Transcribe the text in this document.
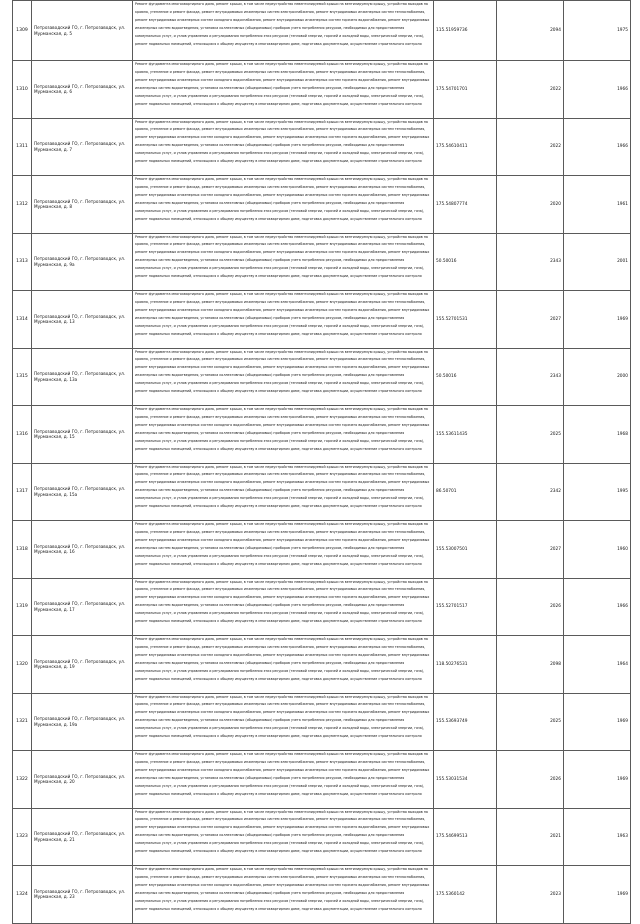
1309	Петрозаводский ГО, г. Петрозаводск, ул. Мурманская, д. 5	Ремонт фундамента многоквартирного дома, ремонт крыши, в том числе переустройство невентилируемой крыши на вентилируемую крышу, устройство выходов на кровлю, утепление и ремонт фасада, ремонт внутридомовых инженерных систем электроснабжения, ремонт внутридомовых инженерных систем теплоснабжения, ремонт внутридомовых инженерных систем холодного водоснабжения, ремонт внутридомовых инженерных систем горячего водоснабжения, ремонт внутридомовых инженерных систем водоотведения, установка коллективных (общедомовых) приборов учета потребления ресурсов, необходимых для предоставления коммунальных услуг, и узлов управления и регулирования потребления этих ресурсов (тепловой энергии, горячей и холодной воды, электрической энергии, газа), ремонт подвальных помещений, относящихся к общему имуществу в многоквартирном доме, подготовка документации, осуществление строительного контроля	115.51959736	2094	1975
1310	Петрозаводский ГО, г. Петрозаводск, ул. Мурманская, д. 6	Ремонт фундамента многоквартирного дома, ремонт крыши, в том числе переустройство невентилируемой крыши на вентилируемую крышу, устройство выходов на кровлю, утепление и ремонт фасада, ремонт внутридомовых инженерных систем электроснабжения, ремонт внутридомовых инженерных систем теплоснабжения, ремонт внутридомовых инженерных систем холодного водоснабжения, ремонт внутридомовых инженерных систем горячего водоснабжения, ремонт внутридомовых инженерных систем водоотведения, установка коллективных (общедомовых) приборов учета потребления ресурсов, необходимых для предоставления коммунальных услуг, и узлов управления и регулирования потребления этих ресурсов (тепловой энергии, горячей и холодной воды, электрической энергии, газа), ремонт подвальных помещений, относящихся к общему имуществу в многоквартирном доме, подготовка документации, осуществление строительного контроля	175.54701701	2022	1966
1311	Петрозаводский ГО, г. Петрозаводск, ул. Мурманская, д. 7	Ремонт фундамента многоквартирного дома, ремонт крыши, в том числе переустройство невентилируемой крыши на вентилируемую крышу, устройство выходов на кровлю, утепление и ремонт фасада, ремонт внутридомовых инженерных систем электроснабжения, ремонт внутридомовых инженерных систем теплоснабжения, ремонт внутридомовых инженерных систем холодного водоснабжения, ремонт внутридомовых инженерных систем горячего водоснабжения, ремонт внутридомовых инженерных систем водоотведения, установка коллективных (общедомовых) приборов учета потребления ресурсов, необходимых для предоставления коммунальных услуг, и узлов управления и регулирования потребления этих ресурсов (тепловой энергии, горячей и холодной воды, электрической энергии, газа), ремонт подвальных помещений, относящихся к общему имуществу в многоквартирном доме, подготовка документации, осуществление строительного контроля	175.54610411	2022	1966
1312	Петрозаводский ГО, г. Петрозаводск, ул. Мурманская, д. 8	Ремонт фундамента многоквартирного дома, ремонт крыши, в том числе переустройство невентилируемой крыши на вентилируемую крышу, устройство выходов на кровлю, утепление и ремонт фасада, ремонт внутридомовых инженерных систем электроснабжения, ремонт внутридомовых инженерных систем теплоснабжения, ремонт внутридомовых инженерных систем холодного водоснабжения, ремонт внутридомовых инженерных систем горячего водоснабжения, ремонт внутридомовых инженерных систем водоотведения, установка коллективных (общедомовых) приборов учета потребления ресурсов, необходимых для предоставления коммунальных услуг, и узлов управления и регулирования потребления этих ресурсов (тепловой энергии, горячей и холодной воды, электрической энергии, газа), ремонт подвальных помещений, относящихся к общему имуществу в многоквартирном доме, подготовка документации, осуществление строительного контроля	175.54807774	2020	1961
1313	Петрозаводский ГО, г. Петрозаводск, ул. Мурманская, д. 9а	Ремонт фундамента многоквартирного дома, ремонт крыши, в том числе переустройство невентилируемой крыши на вентилируемую крышу, устройство выходов на кровлю, утепление и ремонт фасада, ремонт внутридомовых инженерных систем электроснабжения, ремонт внутридомовых инженерных систем теплоснабжения, ремонт внутридомовых инженерных систем холодного водоснабжения, ремонт внутридомовых инженерных систем горячего водоснабжения, ремонт внутридомовых инженерных систем водоотведения, установка коллективных (общедомовых) приборов учета потребления ресурсов, необходимых для предоставления коммунальных услуг, и узлов управления и регулирования потребления этих ресурсов (тепловой энергии, горячей и холодной воды, электрической энергии, газа), ремонт подвальных помещений, относящихся к общему имуществу в многоквартирном доме, подготовка документации, осуществление строительного контроля	50.50016	2343	2001
1314	Петрозаводский ГО, г. Петрозаводск, ул. Мурманская, д. 13	Ремонт фундамента многоквартирного дома, ремонт крыши, в том числе переустройство невентилируемой крыши на вентилируемую крышу, устройство выходов на кровлю, утепление и ремонт фасада, ремонт внутридомовых инженерных систем электроснабжения, ремонт внутридомовых инженерных систем теплоснабжения, ремонт внутридомовых инженерных систем холодного водоснабжения, ремонт внутридомовых инженерных систем горячего водоснабжения, ремонт внутридомовых инженерных систем водоотведения, установка коллективных (общедомовых) приборов учета потребления ресурсов, необходимых для предоставления коммунальных услуг, и узлов управления и регулирования потребления этих ресурсов (тепловой энергии, горячей и холодной воды, электрической энергии, газа), ремонт подвальных помещений, относящихся к общему имуществу в многоквартирном доме, подготовка документации, осуществление строительного контроля	155.52701531	2027	1969
1315	Петрозаводский ГО, г. Петрозаводск, ул. Мурманская, д. 13а	Ремонт фундамента многоквартирного дома, ремонт крыши, в том числе переустройство невентилируемой крыши на вентилируемую крышу, устройство выходов на кровлю, утепление и ремонт фасада, ремонт внутридомовых инженерных систем электроснабжения, ремонт внутридомовых инженерных систем теплоснабжения, ремонт внутридомовых инженерных систем холодного водоснабжения, ремонт внутридомовых инженерных систем горячего водоснабжения, ремонт внутридомовых инженерных систем водоотведения, установка коллективных (общедомовых) приборов учета потребления ресурсов, необходимых для предоставления коммунальных услуг, и узлов управления и регулирования потребления этих ресурсов (тепловой энергии, горячей и холодной воды, электрической энергии, газа), ремонт подвальных помещений, относящихся к общему имуществу в многоквартирном доме, подготовка документации, осуществление строительного контроля	50.50016	2343	2000
1316	Петрозаводский ГО, г. Петрозаводск, ул. Мурманская, д. 15	Ремонт фундамента многоквартирного дома, ремонт крыши, в том числе переустройство невентилируемой крыши на вентилируемую крышу, устройство выходов на кровлю, утепление и ремонт фасада, ремонт внутридомовых инженерных систем электроснабжения, ремонт внутридомовых инженерных систем теплоснабжения, ремонт внутридомовых инженерных систем холодного водоснабжения, ремонт внутридомовых инженерных систем горячего водоснабжения, ремонт внутридомовых инженерных систем водоотведения, установка коллективных (общедомовых) приборов учета потребления ресурсов, необходимых для предоставления коммунальных услуг, и узлов управления и регулирования потребления этих ресурсов (тепловой энергии, горячей и холодной воды, электрической энергии, газа), ремонт подвальных помещений, относящихся к общему имуществу в многоквартирном доме, подготовка документации, осуществление строительного контроля	155.53611435	2025	1968
1317	Петрозаводский ГО, г. Петрозаводск, ул. Мурманская, д. 15а	Ремонт фундамента многоквартирного дома, ремонт крыши, в том числе переустройство невентилируемой крыши на вентилируемую крышу, устройство выходов на кровлю, утепление и ремонт фасада, ремонт внутридомовых инженерных систем электроснабжения, ремонт внутридомовых инженерных систем теплоснабжения, ремонт внутридомовых инженерных систем холодного водоснабжения, ремонт внутридомовых инженерных систем горячего водоснабжения, ремонт внутридомовых инженерных систем водоотведения, установка коллективных (общедомовых) приборов учета потребления ресурсов, необходимых для предоставления коммунальных услуг, и узлов управления и регулирования потребления этих ресурсов (тепловой энергии, горячей и холодной воды, электрической энергии, газа), ремонт подвальных помещений, относящихся к общему имуществу в многоквартирном доме, подготовка документации, осуществление строительного контроля	86.50701	2342	1995
1318	Петрозаводский ГО, г. Петрозаводск, ул. Мурманская, д. 16	Ремонт фундамента многоквартирного дома, ремонт крыши, в том числе переустройство невентилируемой крыши на вентилируемую крышу, устройство выходов на кровлю, утепление и ремонт фасада, ремонт внутридомовых инженерных систем электроснабжения, ремонт внутридомовых инженерных систем теплоснабжения, ремонт внутридомовых инженерных систем холодного водоснабжения, ремонт внутридомовых инженерных систем горячего водоснабжения, ремонт внутридомовых инженерных систем водоотведения, установка коллективных (общедомовых) приборов учета потребления ресурсов, необходимых для предоставления коммунальных услуг, и узлов управления и регулирования потребления этих ресурсов (тепловой энергии, горячей и холодной воды, электрической энергии, газа), ремонт подвальных помещений, относящихся к общему имуществу в многоквартирном доме, подготовка документации, осуществление строительного контроля	155.53007501	2027	1960
1319	Петрозаводский ГО, г. Петрозаводск, ул. Мурманская, д. 17	Ремонт фундамента многоквартирного дома, ремонт крыши, в том числе переустройство невентилируемой крыши на вентилируемую крышу, устройство выходов на кровлю, утепление и ремонт фасада, ремонт внутридомовых инженерных систем электроснабжения, ремонт внутридомовых инженерных систем теплоснабжения, ремонт внутридомовых инженерных систем холодного водоснабжения, ремонт внутридомовых инженерных систем горячего водоснабжения, ремонт внутридомовых инженерных систем водоотведения, установка коллективных (общедомовых) приборов учета потребления ресурсов, необходимых для предоставления коммунальных услуг, и узлов управления и регулирования потребления этих ресурсов (тепловой энергии, горячей и холодной воды, электрической энергии, газа), ремонт подвальных помещений, относящихся к общему имуществу в многоквартирном доме, подготовка документации, осуществление строительного контроля	155.52701517	2026	1966
1320	Петрозаводский ГО, г. Петрозаводск, ул. Мурманская, д. 19	Ремонт фундамента многоквартирного дома, ремонт крыши, в том числе переустройство невентилируемой крыши на вентилируемую крышу, устройство выходов на кровлю, утепление и ремонт фасада, ремонт внутридомовых инженерных систем электроснабжения, ремонт внутридомовых инженерных систем теплоснабжения, ремонт внутридомовых инженерных систем холодного водоснабжения, ремонт внутридомовых инженерных систем горячего водоснабжения, ремонт внутридомовых инженерных систем водоотведения, установка коллективных (общедомовых) приборов учета потребления ресурсов, необходимых для предоставления коммунальных услуг, и узлов управления и регулирования потребления этих ресурсов (тепловой энергии, горячей и холодной воды, электрической энергии, газа), ремонт подвальных помещений, относящихся к общему имуществу в многоквартирном доме, подготовка документации, осуществление строительного контроля	118.50276531	2098	1964
1321	Петрозаводский ГО, г. Петрозаводск, ул. Мурманская, д. 19а	Ремонт фундамента многоквартирного дома, ремонт крыши, в том числе переустройство невентилируемой крыши на вентилируемую крышу, устройство выходов на кровлю, утепление и ремонт фасада, ремонт внутридомовых инженерных систем электроснабжения, ремонт внутридомовых инженерных систем теплоснабжения, ремонт внутридомовых инженерных систем холодного водоснабжения, ремонт внутридомовых инженерных систем горячего водоснабжения, ремонт внутридомовых инженерных систем водоотведения, установка коллективных (общедомовых) приборов учета потребления ресурсов, необходимых для предоставления коммунальных услуг, и узлов управления и регулирования потребления этих ресурсов (тепловой энергии, горячей и холодной воды, электрической энергии, газа), ремонт подвальных помещений, относящихся к общему имуществу в многоквартирном доме, подготовка документации, осуществление строительного контроля	155.53693749	2025	1969
1322	Петрозаводский ГО, г. Петрозаводск, ул. Мурманская, д. 20	Ремонт фундамента многоквартирного дома, ремонт крыши, в том числе переустройство невентилируемой крыши на вентилируемую крышу, устройство выходов на кровлю, утепление и ремонт фасада, ремонт внутридомовых инженерных систем электроснабжения, ремонт внутридомовых инженерных систем теплоснабжения, ремонт внутридомовых инженерных систем холодного водоснабжения, ремонт внутридомовых инженерных систем горячего водоснабжения, ремонт внутридомовых инженерных систем водоотведения, установка коллективных (общедомовых) приборов учета потребления ресурсов, необходимых для предоставления коммунальных услуг, и узлов управления и регулирования потребления этих ресурсов (тепловой энергии, горячей и холодной воды, электрической энергии, газа), ремонт подвальных помещений, относящихся к общему имуществу в многоквартирном доме, подготовка документации, осуществление строительного контроля	155.53031534	2026	1969
1323	Петрозаводский ГО, г. Петрозаводск, ул. Мурманская, д. 21	Ремонт фундамента многоквартирного дома, ремонт крыши, в том числе переустройство невентилируемой крыши на вентилируемую крышу, устройство выходов на кровлю, утепление и ремонт фасада, ремонт внутридомовых инженерных систем электроснабжения, ремонт внутридомовых инженерных систем теплоснабжения, ремонт внутридомовых инженерных систем холодного водоснабжения, ремонт внутридомовых инженерных систем горячего водоснабжения, ремонт внутридомовых инженерных систем водоотведения, установка коллективных (общедомовых) приборов учета потребления ресурсов, необходимых для предоставления коммунальных услуг, и узлов управления и регулирования потребления этих ресурсов (тепловой энергии, горячей и холодной воды, электрической энергии, газа), ремонт подвальных помещений, относящихся к общему имуществу в многоквартирном доме, подготовка документации, осуществление строительного контроля	175.54699513	2021	1963
1324	Петрозаводский ГО, г. Петрозаводск, ул. Мурманская, д. 23	Ремонт фундамента многоквартирного дома, ремонт крыши, в том числе переустройство невентилируемой крыши на вентилируемую крышу, устройство выходов на кровлю, утепление и ремонт фасада, ремонт внутридомовых инженерных систем электроснабжения, ремонт внутридомовых инженерных систем теплоснабжения, ремонт внутридомовых инженерных систем холодного водоснабжения, ремонт внутридомовых инженерных систем горячего водоснабжения, ремонт внутридомовых инженерных систем водоотведения, установка коллективных (общедомовых) приборов учета потребления ресурсов, необходимых для предоставления коммунальных услуг, и узлов управления и регулирования потребления этих ресурсов (тепловой энергии, горячей и холодной воды, электрической энергии, газа), ремонт подвальных помещений, относящихся к общему имуществу в многоквартирном доме, подготовка документации, осуществление строительного контроля	175.5360142	2023	1969
